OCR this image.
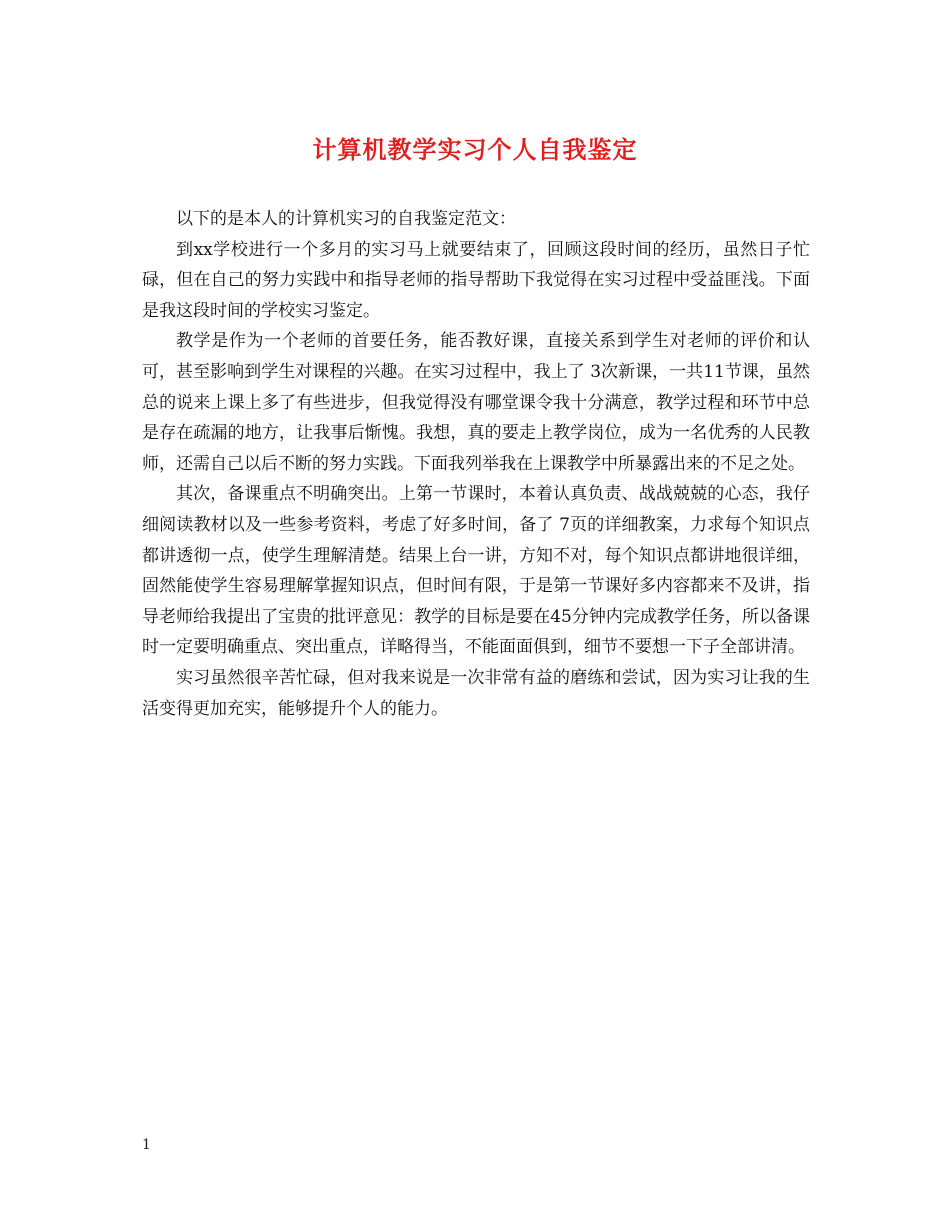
计算机教学实习个人自我鉴定

以下的是本人的计算机实习的自我鉴定范文：

到xx学校进行一个多月的实习马上就要结束了，回顾这段时间的经历，虽然日子忙碌，但在自己的努力实践中和指导老师的指导帮助下我觉得在实习过程中受益匪浅。下面是我这段时间的学校实习鉴定。

教学是作为一个老师的首要任务，能否教好课，直接关系到学生对老师的评价和认可，甚至影响到学生对课程的兴趣。在实习过程中，我上了 3次新课，一共11节课，虽然总的说来上课上多了有些进步，但我觉得没有哪堂课令我十分满意，教学过程和环节中总是存在疏漏的地方，让我事后惭愧。我想，真的要走上教学岗位，成为一名优秀的人民教师，还需自己以后不断的努力实践。下面我列举我在上课教学中所暴露出来的不足之处。

其次，备课重点不明确突出。上第一节课时，本着认真负责、战战兢兢的心态，我仔细阅读教材以及一些参考资料，考虑了好多时间，备了 7页的详细教案，力求每个知识点都讲透彻一点，使学生理解清楚。结果上台一讲，方知不对，每个知识点都讲地很详细，固然能使学生容易理解掌握知识点，但时间有限，于是第一节课好多内容都来不及讲，指导老师给我提出了宝贵的批评意见：教学的目标是要在45分钟内完成教学任务，所以备课时一定要明确重点、突出重点，详略得当，不能面面俱到，细节不要想一下子全部讲清。

实习虽然很辛苦忙碌，但对我来说是一次非常有益的磨练和尝试，因为实习让我的生活变得更加充实，能够提升个人的能力。

1
